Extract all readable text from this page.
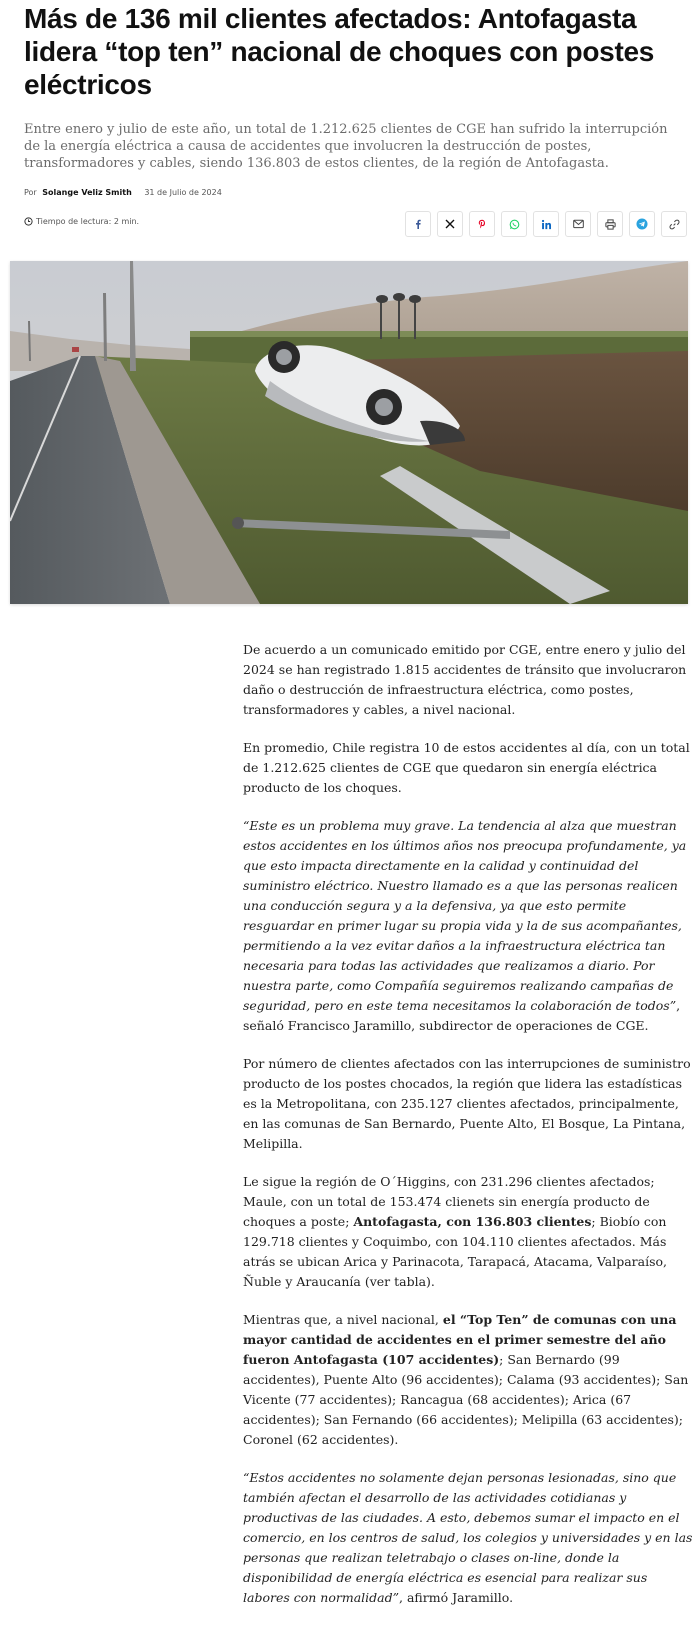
Más de 136 mil clientes afectados: Antofagasta lidera “top ten” nacional de choques con postes eléctricos

Entre enero y julio de este año, un total de 1.212.625 clientes de CGE han sufrido la interrupción de la energía eléctrica a causa de accidentes que involucren la destrucción de postes, transformadores y cables, siendo 136.803 de estos clientes, de la región de Antofagasta.

Por Solange Veliz Smith 31 de Julio de 2024
Tiempo de lectura: 2 min.

De acuerdo a un comunicado emitido por CGE, entre enero y julio del 2024 se han registrado 1.815 accidentes de tránsito que involucraron daño o destrucción de infraestructura eléctrica, como postes, transformadores y cables, a nivel nacional.

En promedio, Chile registra 10 de estos accidentes al día, con un total de 1.212.625 clientes de CGE que quedaron sin energía eléctrica producto de los choques.

“Este es un problema muy grave. La tendencia al alza que muestran estos accidentes en los últimos años nos preocupa profundamente, ya que esto impacta directamente en la calidad y continuidad del suministro eléctrico. Nuestro llamado es a que las personas realicen una conducción segura y a la defensiva, ya que esto permite resguardar en primer lugar su propia vida y la de sus acompañantes, permitiendo a la vez evitar daños a la infraestructura eléctrica tan necesaria para todas las actividades que realizamos a diario. Por nuestra parte, como Compañía seguiremos realizando campañas de seguridad, pero en este tema necesitamos la colaboración de todos”, señaló Francisco Jaramillo, subdirector de operaciones de CGE.

Por número de clientes afectados con las interrupciones de suministro producto de los postes chocados, la región que lidera las estadísticas es la Metropolitana, con 235.127 clientes afectados, principalmente, en las comunas de San Bernardo, Puente Alto, El Bosque, La Pintana, Melipilla.

Le sigue la región de O´Higgins, con 231.296 clientes afectados; Maule, con un total de 153.474 clienets sin energía producto de choques a poste; Antofagasta, con 136.803 clientes; Biobío con 129.718 clientes y Coquimbo, con 104.110 clientes afectados. Más atrás se ubican Arica y Parinacota, Tarapacá, Atacama, Valparaíso, Ñuble y Araucanía (ver tabla).

Mientras que, a nivel nacional, el “Top Ten” de comunas con una mayor cantidad de accidentes en el primer semestre del año fueron Antofagasta (107 accidentes); San Bernardo (99 accidentes), Puente Alto (96 accidentes); Calama (93 accidentes); San Vicente (77 accidentes); Rancagua (68 accidentes); Arica (67 accidentes); San Fernando (66 accidentes); Melipilla (63 accidentes); Coronel (62 accidentes).

“Estos accidentes no solamente dejan personas lesionadas, sino que también afectan el desarrollo de las actividades cotidianas y productivas de las ciudades. A esto, debemos sumar el impacto en el comercio, en los centros de salud, los colegios y universidades y en las personas que realizan teletrabajo o clases on-line, donde la disponibilidad de energía eléctrica es esencial para realizar sus labores con normalidad”, afirmó Jaramillo.
